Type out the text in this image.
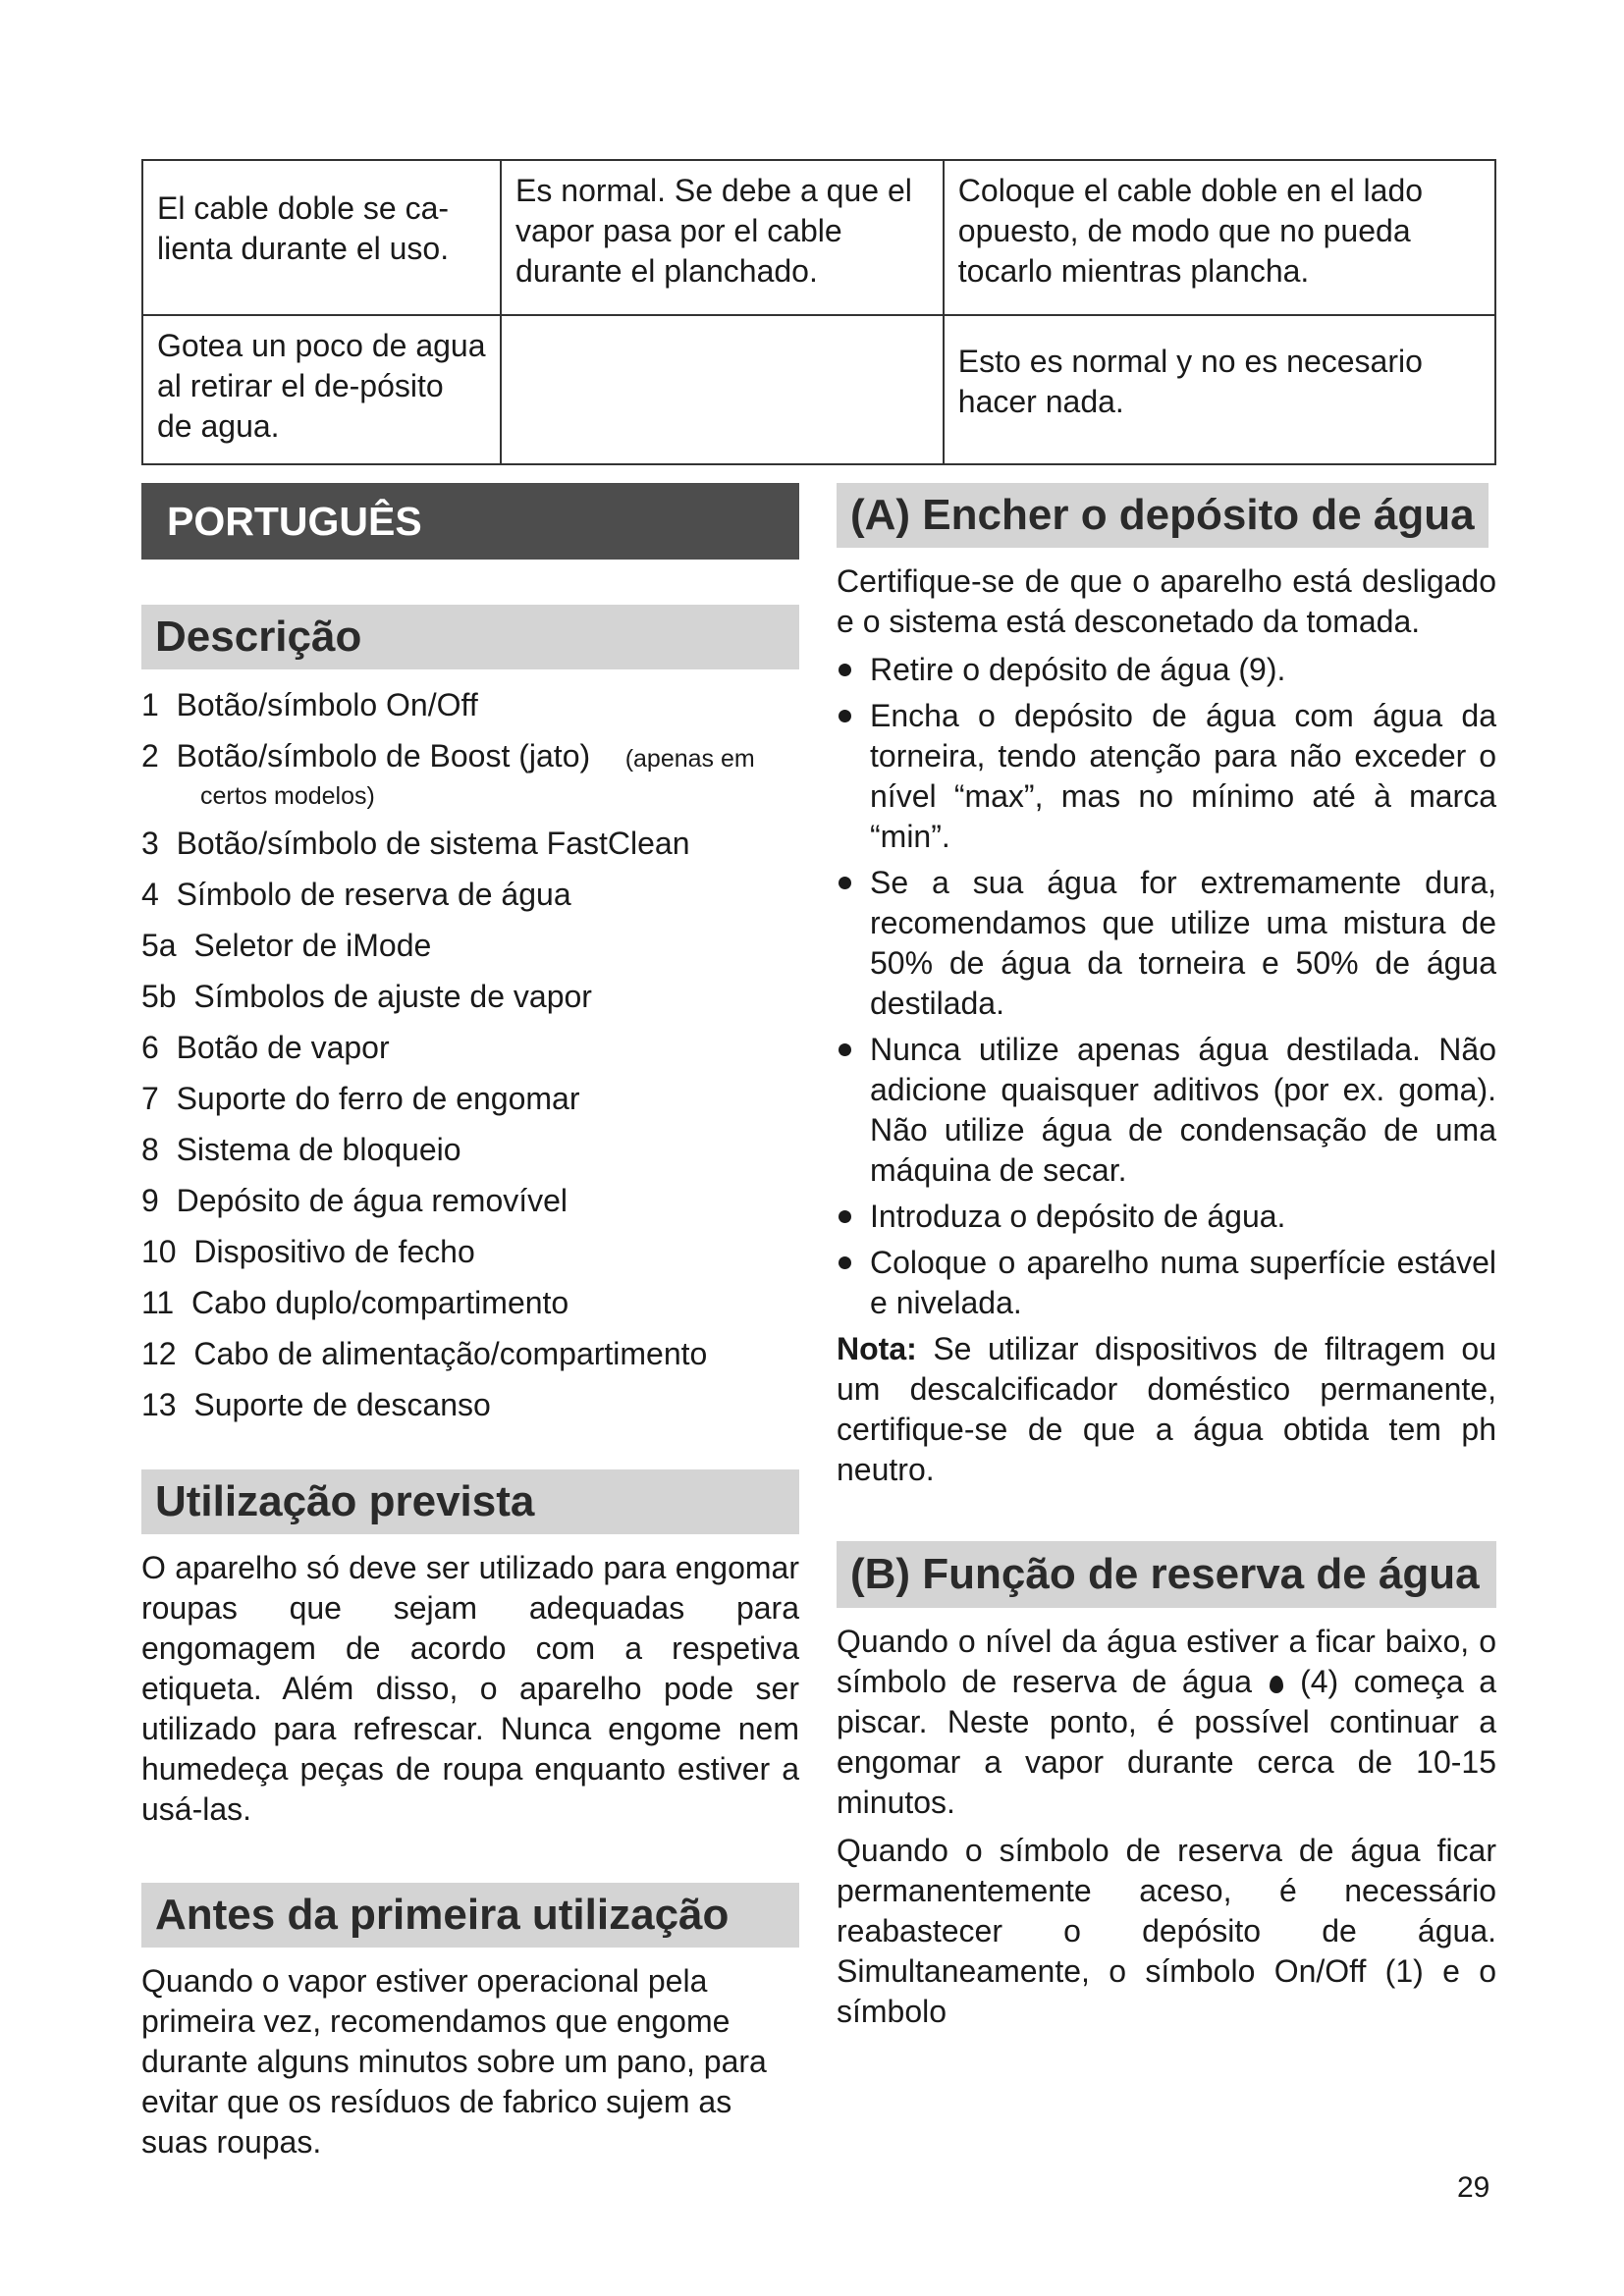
El cable doble se ca-lienta durante el uso.	Es normal. Se debe a que el vapor pasa por el cable durante el planchado.	Coloque el cable doble en el lado opuesto, de modo que no pueda tocarlo mientras plancha.
Gotea un poco de agua al retirar el de-pósito de agua.		Esto es normal y no es necesario hacer nada.
PORTUGUÊS
Descrição
1 Botão/símbolo On/Off
2 Botão/símbolo de Boost (jato) (apenas em
certos modelos)
3 Botão/símbolo de sistema FastClean
4 Símbolo de reserva de água
5a Seletor de iMode
5b Símbolos de ajuste de vapor
6 Botão de vapor
7 Suporte do ferro de engomar
8 Sistema de bloqueio
9 Depósito de água removível
10 Dispositivo de fecho
11 Cabo duplo/compartimento
12 Cabo de alimentação/compartimento
13 Suporte de descanso
Utilização prevista

O aparelho só deve ser utilizado para engomar roupas que sejam adequadas para engomagem de acordo com a respetiva etiqueta. Além disso, o aparelho pode ser utilizado para refrescar. Nunca engome nem humedeça peças de roupa enquanto estiver a usá-las.

Antes da primeira utilização

Quando o vapor estiver operacional pela primeira vez, recomendamos que engome durante alguns minutos sobre um pano, para evitar que os resíduos de fabrico sujem as suas roupas.

(A) Encher o depósito de água

Certifique-se de que o aparelho está desligado e o sistema está desconetado da tomada.

Retire o depósito de água (9).
Encha o depósito de água com água da torneira, tendo atenção para não exceder o nível “max”, mas no mínimo até à marca “min”.
Se a sua água for extremamente dura, recomendamos que utilize uma mistura de 50% de água da torneira e 50% de água destilada.
Nunca utilize apenas água destilada. Não adicione quaisquer aditivos (por ex. goma). Não utilize água de condensação de uma máquina de secar.
Introduza o depósito de água.
Coloque o aparelho numa superfície estável e nivelada.

Nota: Se utilizar dispositivos de filtragem ou um descalcificador doméstico permanente, certifique-se de que a água obtida tem ph neutro.

(B) Função de reserva de água

Quando o nível da água estiver a ficar baixo, o símbolo de reserva de água (4) começa a piscar. Neste ponto, é possível continuar a engomar a vapor durante cerca de 10-15 minutos.

Quando o símbolo de reserva de água ficar permanentemente aceso, é necessário reabastecer o depósito de água. Simultaneamente, o símbolo On/Off (1) e o símbolo

29
